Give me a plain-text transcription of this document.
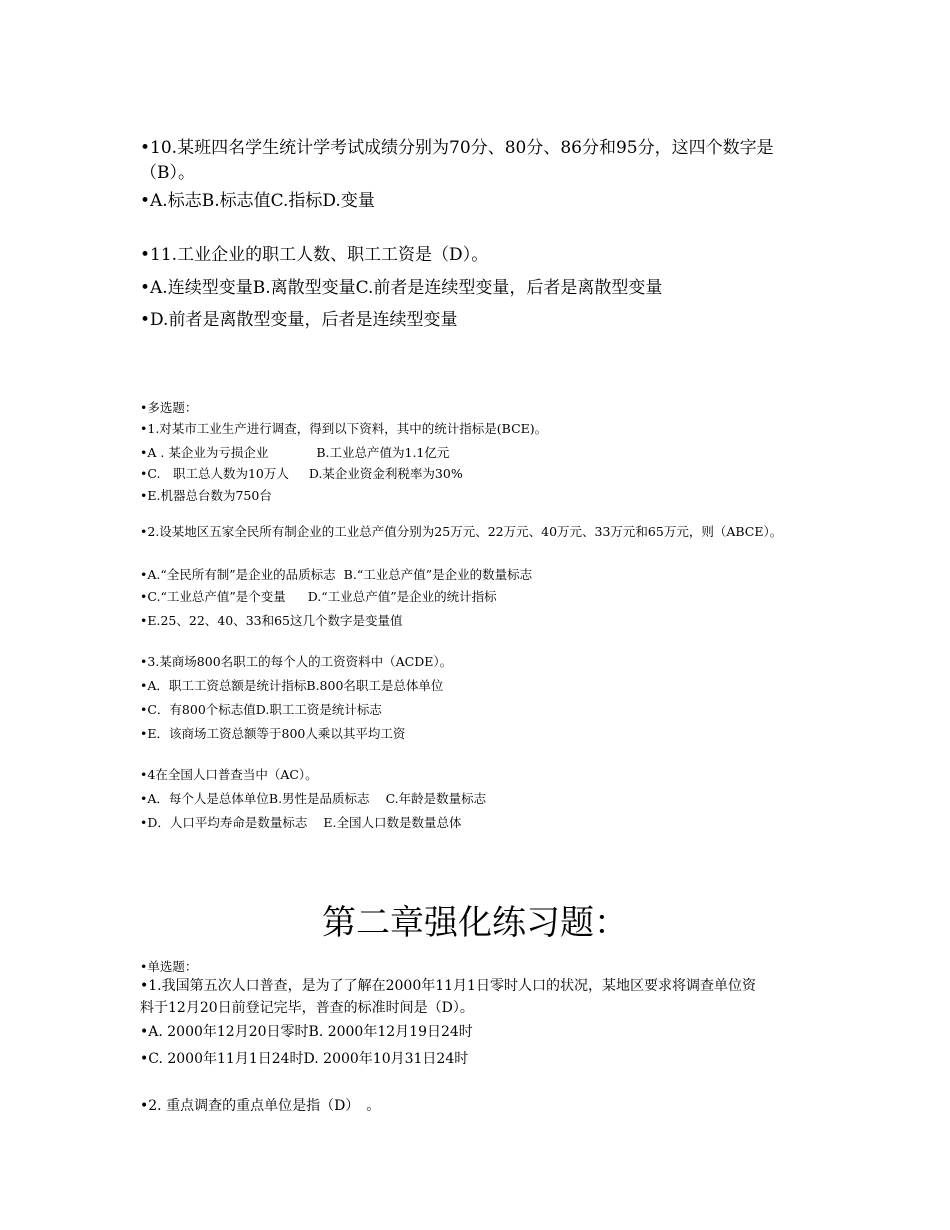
•10.某班四名学生统计学考试成绩分别为70分、80分、86分和95分，这四个数字是
（B）。
•A.标志B.标志值C.指标D.变量
•11.工业企业的职工人数、职工工资是（D）。
•A.连续型变量B.离散型变量C.前者是连续型变量，后者是离散型变量
•D.前者是离散型变量，后者是连续型变量
•多选题：
•1.对某市工业生产进行调查，得到以下资料，其中的统计指标是(BCE)。
•A . 某企业为亏损企业	B.工业总产值为1.1亿元
•C.　职工总人数为10万人 D.某企业资金利税率为30%
•E.机器总台数为750台
•2.设某地区五家全民所有制企业的工业总产值分别为25万元、22万元、40万元、33万元和65万元，则（ABCE）。
•A.“全民所有制”是企业的品质标志 B.“工业总产值”是企业的数量标志
•C.“工业总产值”是个变量 D.“工业总产值”是企业的统计指标
•E.25、22、40、33和65这几个数字是变量值
•3.某商场800名职工的每个人的工资资料中（ACDE）。
•A．职工工资总额是统计指标B.800名职工是总体单位
•C．有800个标志值D.职工工资是统计标志
•E．该商场工资总额等于800人乘以其平均工资
•4在全国人口普查当中（AC）。
•A．每个人是总体单位B.男性是品质标志 C.年龄是数量标志
•D．人口平均寿命是数量标志 E.全国人口数是数量总体
第二章强化练习题：
•单选题：
•1.我国第五次人口普查，是为了了解在2000年11月1日零时人口的状况，某地区要求将调查单位资
料于12月20日前登记完毕，普查的标准时间是（D）。
•A. 2000年12月20日零时B. 2000年12月19日24时
•C. 2000年11月1日24时D. 2000年10月31日24时
•2. 重点调查的重点单位是指（D）　。
